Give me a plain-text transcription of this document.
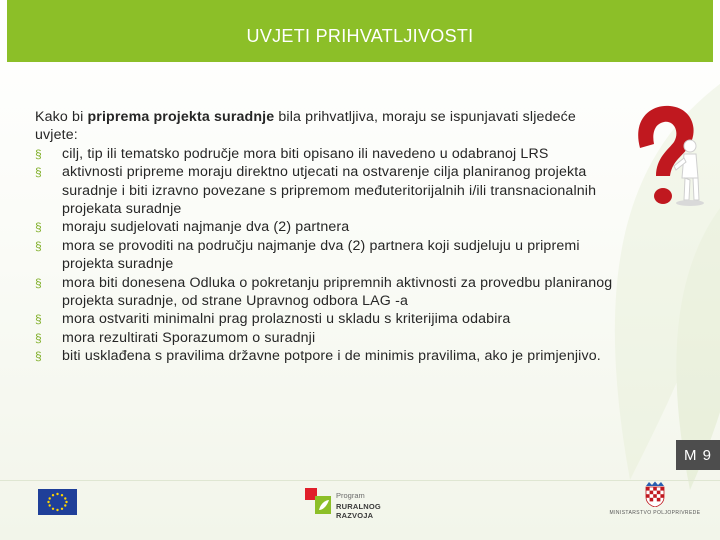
UVJETI PRIHVATLJIVOSTI

Kako bi priprema projekta suradnje bila prihvatljiva, moraju se ispunjavati sljedeće uvjete:

§ cilj, tip ili tematsko područje mora biti opisano ili navedeno u odabranoj LRS
§ aktivnosti pripreme moraju direktno utjecati na ostvarenje cilja planiranog projekta suradnje i biti izravno povezane s pripremom međuteritorijalnih i/ili transnacionalnih projekata suradnje
§ moraju sudjelovati najmanje dva (2) partnera
§ mora se provoditi na području najmanje dva (2) partnera koji sudjeluju u pripremi projekta suradnje
§ mora biti donesena Odluka o pokretanju pripremnih aktivnosti za provedbu planiranog projekta suradnje, od strane Upravnog odbora LAG -a
§ mora ostvariti minimalni prag prolaznosti u skladu s kriterijima odabira
§ mora rezultirati Sporazumom o suradnji
§ biti usklađena s pravilima državne potpore i de minimis pravilima, ako je primjenjivo.
M 9
Program
RURALNOG RAZVOJA	MINISTARSTVO POLJOPRIVREDE
